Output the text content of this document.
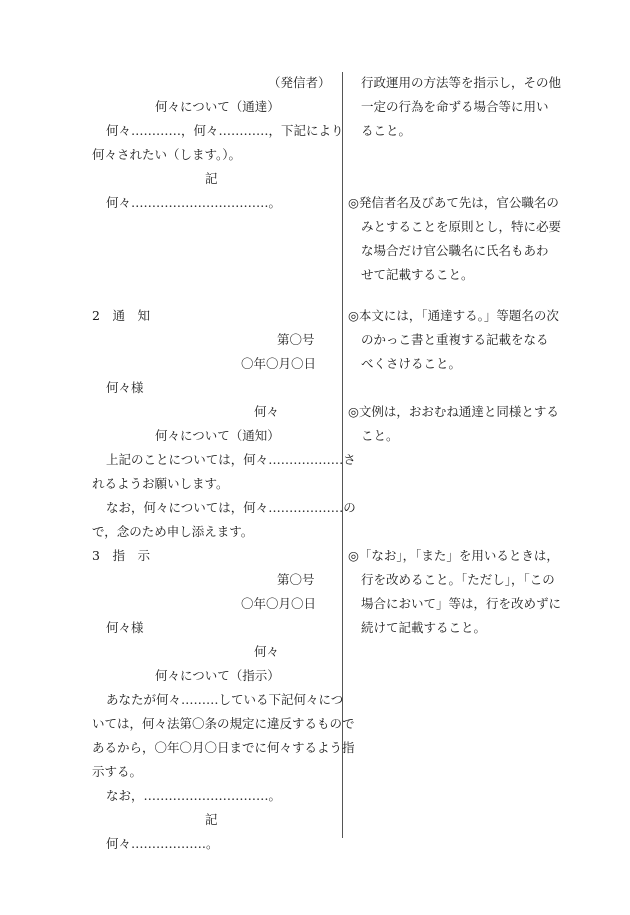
（発信者）
何々について（通達）
何々…………，何々…………，下記により
何々されたい（します。）。
記
何々……………………………。
2　通　知
第〇号
〇年〇月〇日
何々様
何々
何々について（通知）
上記のことについては，何々………………さ
れるようお願いします。
なお，何々については，何々………………の
で，念のため申し添えます。
3　指　示
第〇号
〇年〇月〇日
何々様
何々
何々について（指示）
あなたが何々………している下記何々につ
いては，何々法第〇条の規定に違反するもので
あるから，〇年〇月〇日までに何々するよう指
示する。
なお，…………………………。
記
何々………………。
行政運用の方法等を指示し，その他
一定の行為を命ずる場合等に用い
ること。
◎発信者名及びあて先は，官公職名の
みとすることを原則とし，特に必要
な場合だけ官公職名に氏名もあわ
せて記載すること。
◎本文には，「通達する。」等題名の次
のかっこ書と重複する記載をなる
べくさけること。
◎文例は，おおむね通達と同様とする
こと。
◎「なお」，「また」を用いるときは，
行を改めること。「ただし」，「この
場合において」等は，行を改めずに
続けて記載すること。
